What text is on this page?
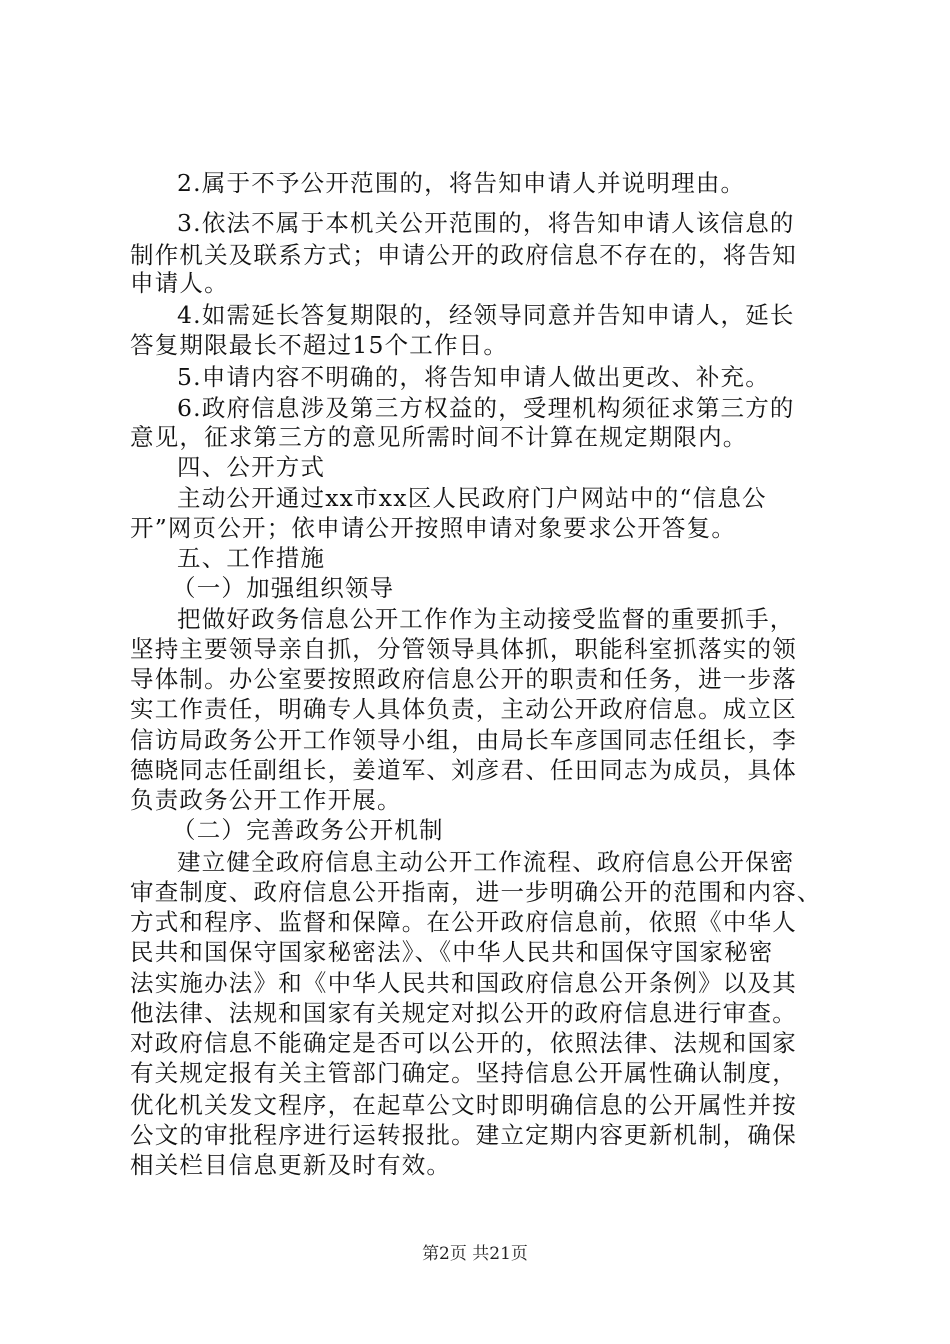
2.属于不予公开范围的，将告知申请人并说明理由。
3.依法不属于本机关公开范围的，将告知申请人该信息的
制作机关及联系方式；申请公开的政府信息不存在的，将告知
申请人。
4.如需延长答复期限的，经领导同意并告知申请人，延长
答复期限最长不超过15个工作日。
5.申请内容不明确的，将告知申请人做出更改、补充。
6.政府信息涉及第三方权益的，受理机构须征求第三方的
意见，征求第三方的意见所需时间不计算在规定期限内。
四、公开方式
主动公开通过xx市xx区人民政府门户网站中的“信息公
开”网页公开；依申请公开按照申请对象要求公开答复。
五、工作措施
（一）加强组织领导
把做好政务信息公开工作作为主动接受监督的重要抓手，
坚持主要领导亲自抓，分管领导具体抓，职能科室抓落实的领
导体制。办公室要按照政府信息公开的职责和任务，进一步落
实工作责任，明确专人具体负责，主动公开政府信息。成立区
信访局政务公开工作领导小组，由局长车彦国同志任组长，李
德晓同志任副组长，姜道军、刘彦君、任田同志为成员，具体
负责政务公开工作开展。
（二）完善政务公开机制
建立健全政府信息主动公开工作流程、政府信息公开保密
审查制度、政府信息公开指南，进一步明确公开的范围和内容、
方式和程序、监督和保障。在公开政府信息前，依照《中华人
民共和国保守国家秘密法》、《中华人民共和国保守国家秘密
法实施办法》和《中华人民共和国政府信息公开条例》以及其
他法律、法规和国家有关规定对拟公开的政府信息进行审查。
对政府信息不能确定是否可以公开的，依照法律、法规和国家
有关规定报有关主管部门确定。坚持信息公开属性确认制度，
优化机关发文程序，在起草公文时即明确信息的公开属性并按
公文的审批程序进行运转报批。建立定期内容更新机制，确保
相关栏目信息更新及时有效。
第2页 共21页
